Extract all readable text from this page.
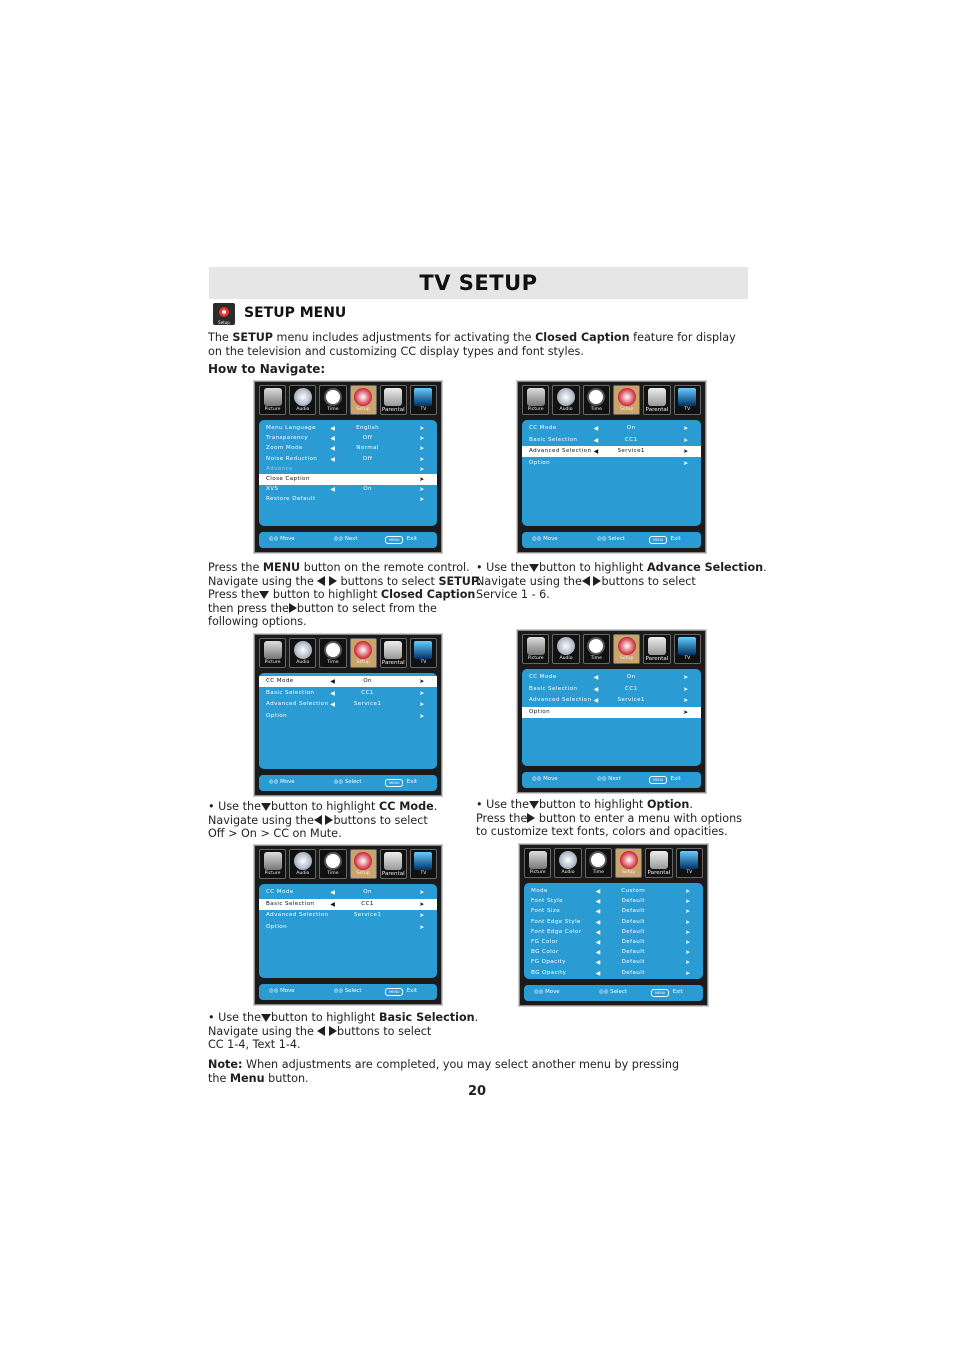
TV SETUP
Setup
SETUP MENU
The SETUP menu includes adjustments for activating the Closed Caption feature for display
on the television and customizing CC display types and font styles.
How to Navigate:
Picture	Audio	Time	Setup	Parental	TV
Menu Language ◀	English	➤
Transparency	◀	Off	➤
Zoom Mode	◀	Normal	➤
Noise Reduction ◀	Off	➤
Advance	➤
Close Caption	➤
XVS	◀	On	➤
Restore Default	➤
◎◎ Move	◎◎ Next	MENU	Exit
Picture	Audio	Time	Setup	Parental	TV
CC Mode	◀	On	➤
Basic Selection	◀	CC1	➤
Advanced Selection ◀	Service1	➤
Option	➤
◎◎ Move	◎◎ Select	MENU	Exit
Picture	Audio	Time	Setup	Parental	TV
CC Mode	◀	On	➤
Basic Selection	◀	CC1	➤
Advanced Selection ◀	Service1	➤
Option	➤
◎◎ Move	◎◎ Select	MENU	Exit
Picture	Audio	Time	Setup	Parental	TV
CC Mode	◀	On	➤
Basic Selection	◀	CC1	➤
Advanced Selection ◀	Service1	➤
Option	➤
◎◎ Move	◎◎ Next	MENU	Exit
Picture	Audio	Time	Setup	Parental	TV
CC Mode	◀	On	➤
Basic Selection	◀	CC1	➤
Advanced Selection	Service1	➤
Option	➤
◎◎ Move	◎◎ Select	MENU	Exit
Picture	Audio	Time	Setup	Parental	TV
Mode	◀	Custom	➤
Font Style	◀	Default	➤
Font Size	◀	Default	➤
Font Edge Style ◀	Default	➤
Font Edge Color ◀	Default	➤
FG Color	◀	Default	➤
BG Color	◀	Default	➤
FG Opacity	◀	Default	➤
BG Opacity	◀	Default	➤
◎◎ Move	◎◎ Select	MENU	Exit
Press the MENU button on the remote control.
Navigate using the   buttons to select SETUP.
Press the button to highlight Closed Caption
then press the button to select from the
following options.
• Use the button to highlight Advance Selection.
Navigate using the buttons to select
Service 1 - 6.
• Use the button to highlight CC Mode.
Navigate using the buttons to select
Off > On > CC on Mute.
• Use the button to highlight Option.
Press the button to enter a menu with options
to customize text fonts, colors and opacities.
• Use the button to highlight Basic Selection.
Navigate using the  buttons to select
CC 1-4, Text 1-4.
Note: When adjustments are completed, you may select another menu by pressing
the Menu button.
20
